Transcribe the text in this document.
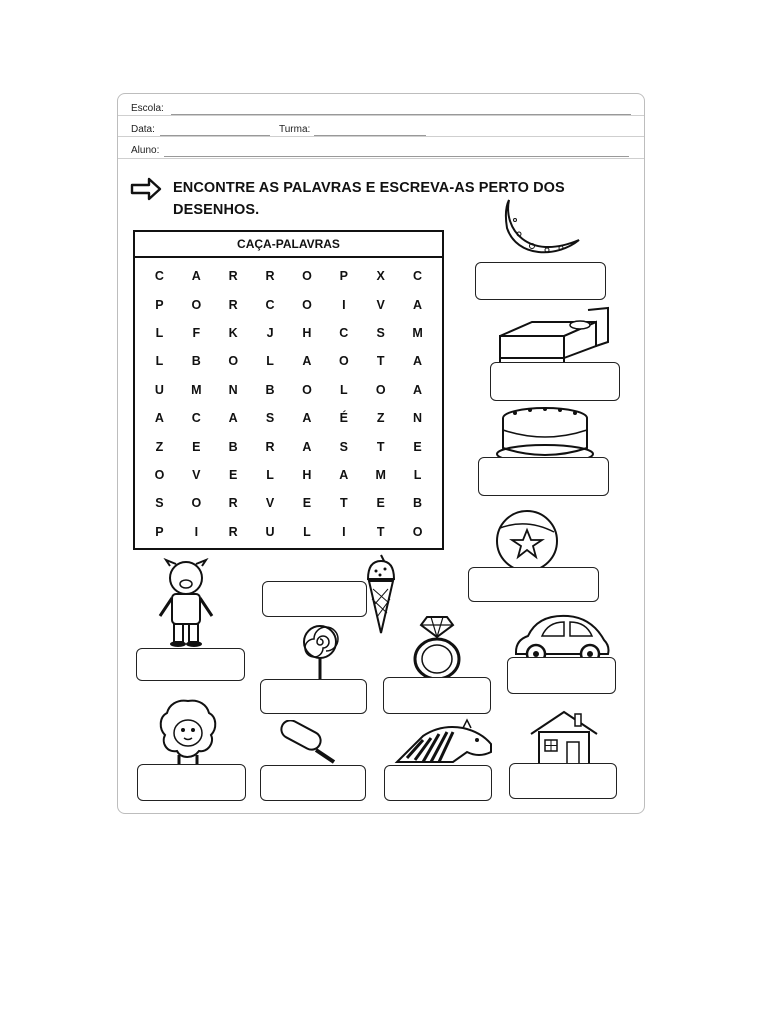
Escola:
Data:	Turma:
Aluno:
ENCONTRE AS PALAVRAS E ESCREVA-AS PERTO DOS DESENHOS.
CAÇA-PALAVRAS
C	A	R	R	O	P	X	C
P	O	R	C	O	I	V	A
L	F	K	J	H	C	S	M
L	B	O	L	A	O	T	A
U	M	N	B	O	L	O	A
A	C	A	S	A	É	Z	N
Z	E	B	R	A	S	T	E
O	V	E	L	H	A	M	L
S	O	R	V	E	T	E	B
P	I	R	U	L	I	T	O
